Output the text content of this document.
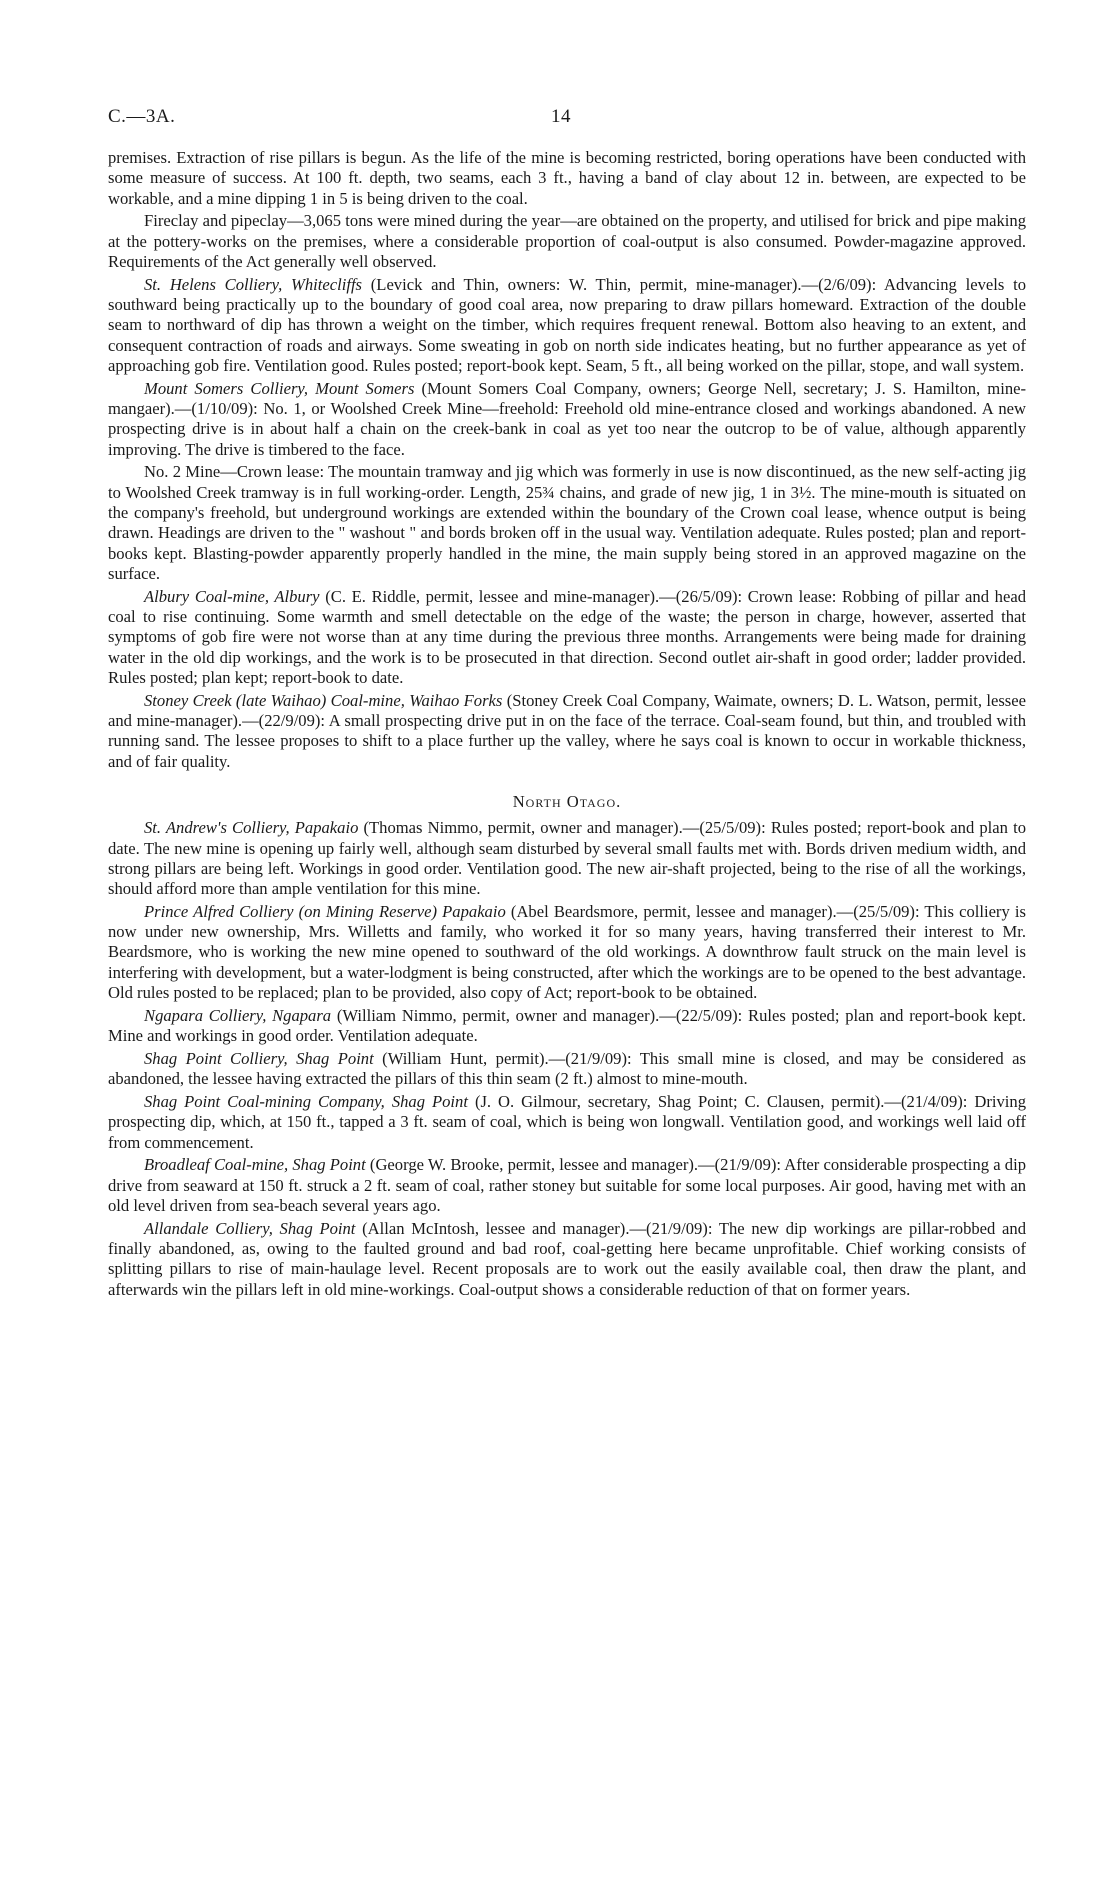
C.—3A.	14

premises. Extraction of rise pillars is begun. As the life of the mine is becoming restricted, boring operations have been conducted with some measure of success. At 100 ft. depth, two seams, each 3 ft., having a band of clay about 12 in. between, are expected to be workable, and a mine dipping 1 in 5 is being driven to the coal.

Fireclay and pipeclay—3,065 tons were mined during the year—are obtained on the property, and utilised for brick and pipe making at the pottery-works on the premises, where a considerable proportion of coal-output is also consumed. Powder-magazine approved. Requirements of the Act generally well observed.

St. Helens Colliery, Whitecliffs (Levick and Thin, owners: W. Thin, permit, mine-manager).—(2/6/09): Advancing levels to southward being practically up to the boundary of good coal area, now preparing to draw pillars homeward. Extraction of the double seam to northward of dip has thrown a weight on the timber, which requires frequent renewal. Bottom also heaving to an extent, and consequent contraction of roads and airways. Some sweating in gob on north side indicates heating, but no further appearance as yet of approaching gob fire. Ventilation good. Rules posted; report-book kept. Seam, 5 ft., all being worked on the pillar, stope, and wall system.

Mount Somers Colliery, Mount Somers (Mount Somers Coal Company, owners; George Nell, secretary; J. S. Hamilton, mine-mangaer).—(1/10/09): No. 1, or Woolshed Creek Mine—freehold: Freehold old mine-entrance closed and workings abandoned. A new prospecting drive is in about half a chain on the creek-bank in coal as yet too near the outcrop to be of value, although apparently improving. The drive is timbered to the face.

No. 2 Mine—Crown lease: The mountain tramway and jig which was formerly in use is now discontinued, as the new self-acting jig to Woolshed Creek tramway is in full working-order. Length, 25¾ chains, and grade of new jig, 1 in 3½. The mine-mouth is situated on the company's freehold, but underground workings are extended within the boundary of the Crown coal lease, whence output is being drawn. Headings are driven to the " washout " and bords broken off in the usual way. Ventilation adequate. Rules posted; plan and report-books kept. Blasting-powder apparently properly handled in the mine, the main supply being stored in an approved magazine on the surface.

Albury Coal-mine, Albury (C. E. Riddle, permit, lessee and mine-manager).—(26/5/09): Crown lease: Robbing of pillar and head coal to rise continuing. Some warmth and smell detectable on the edge of the waste; the person in charge, however, asserted that symptoms of gob fire were not worse than at any time during the previous three months. Arrangements were being made for draining water in the old dip workings, and the work is to be prosecuted in that direction. Second outlet air-shaft in good order; ladder provided. Rules posted; plan kept; report-book to date.

Stoney Creek (late Waihao) Coal-mine, Waihao Forks (Stoney Creek Coal Company, Waimate, owners; D. L. Watson, permit, lessee and mine-manager).—(22/9/09): A small prospecting drive put in on the face of the terrace. Coal-seam found, but thin, and troubled with running sand. The lessee proposes to shift to a place further up the valley, where he says coal is known to occur in workable thickness, and of fair quality.

North Otago.

St. Andrew's Colliery, Papakaio (Thomas Nimmo, permit, owner and manager).—(25/5/09): Rules posted; report-book and plan to date. The new mine is opening up fairly well, although seam disturbed by several small faults met with. Bords driven medium width, and strong pillars are being left. Workings in good order. Ventilation good. The new air-shaft projected, being to the rise of all the workings, should afford more than ample ventilation for this mine.

Prince Alfred Colliery (on Mining Reserve) Papakaio (Abel Beardsmore, permit, lessee and manager).—(25/5/09): This colliery is now under new ownership, Mrs. Willetts and family, who worked it for so many years, having transferred their interest to Mr. Beardsmore, who is working the new mine opened to southward of the old workings. A downthrow fault struck on the main level is interfering with development, but a water-lodgment is being constructed, after which the workings are to be opened to the best advantage. Old rules posted to be replaced; plan to be provided, also copy of Act; report-book to be obtained.

Ngapara Colliery, Ngapara (William Nimmo, permit, owner and manager).—(22/5/09): Rules posted; plan and report-book kept. Mine and workings in good order. Ventilation adequate.

Shag Point Colliery, Shag Point (William Hunt, permit).—(21/9/09): This small mine is closed, and may be considered as abandoned, the lessee having extracted the pillars of this thin seam (2 ft.) almost to mine-mouth.

Shag Point Coal-mining Company, Shag Point (J. O. Gilmour, secretary, Shag Point; C. Clausen, permit).—(21/4/09): Driving prospecting dip, which, at 150 ft., tapped a 3 ft. seam of coal, which is being won longwall. Ventilation good, and workings well laid off from commencement.

Broadleaf Coal-mine, Shag Point (George W. Brooke, permit, lessee and manager).—(21/9/09): After considerable prospecting a dip drive from seaward at 150 ft. struck a 2 ft. seam of coal, rather stoney but suitable for some local purposes. Air good, having met with an old level driven from sea-beach several years ago.

Allandale Colliery, Shag Point (Allan McIntosh, lessee and manager).—(21/9/09): The new dip workings are pillar-robbed and finally abandoned, as, owing to the faulted ground and bad roof, coal-getting here became unprofitable. Chief working consists of splitting pillars to rise of main-haulage level. Recent proposals are to work out the easily available coal, then draw the plant, and afterwards win the pillars left in old mine-workings. Coal-output shows a considerable reduction of that on former years.
